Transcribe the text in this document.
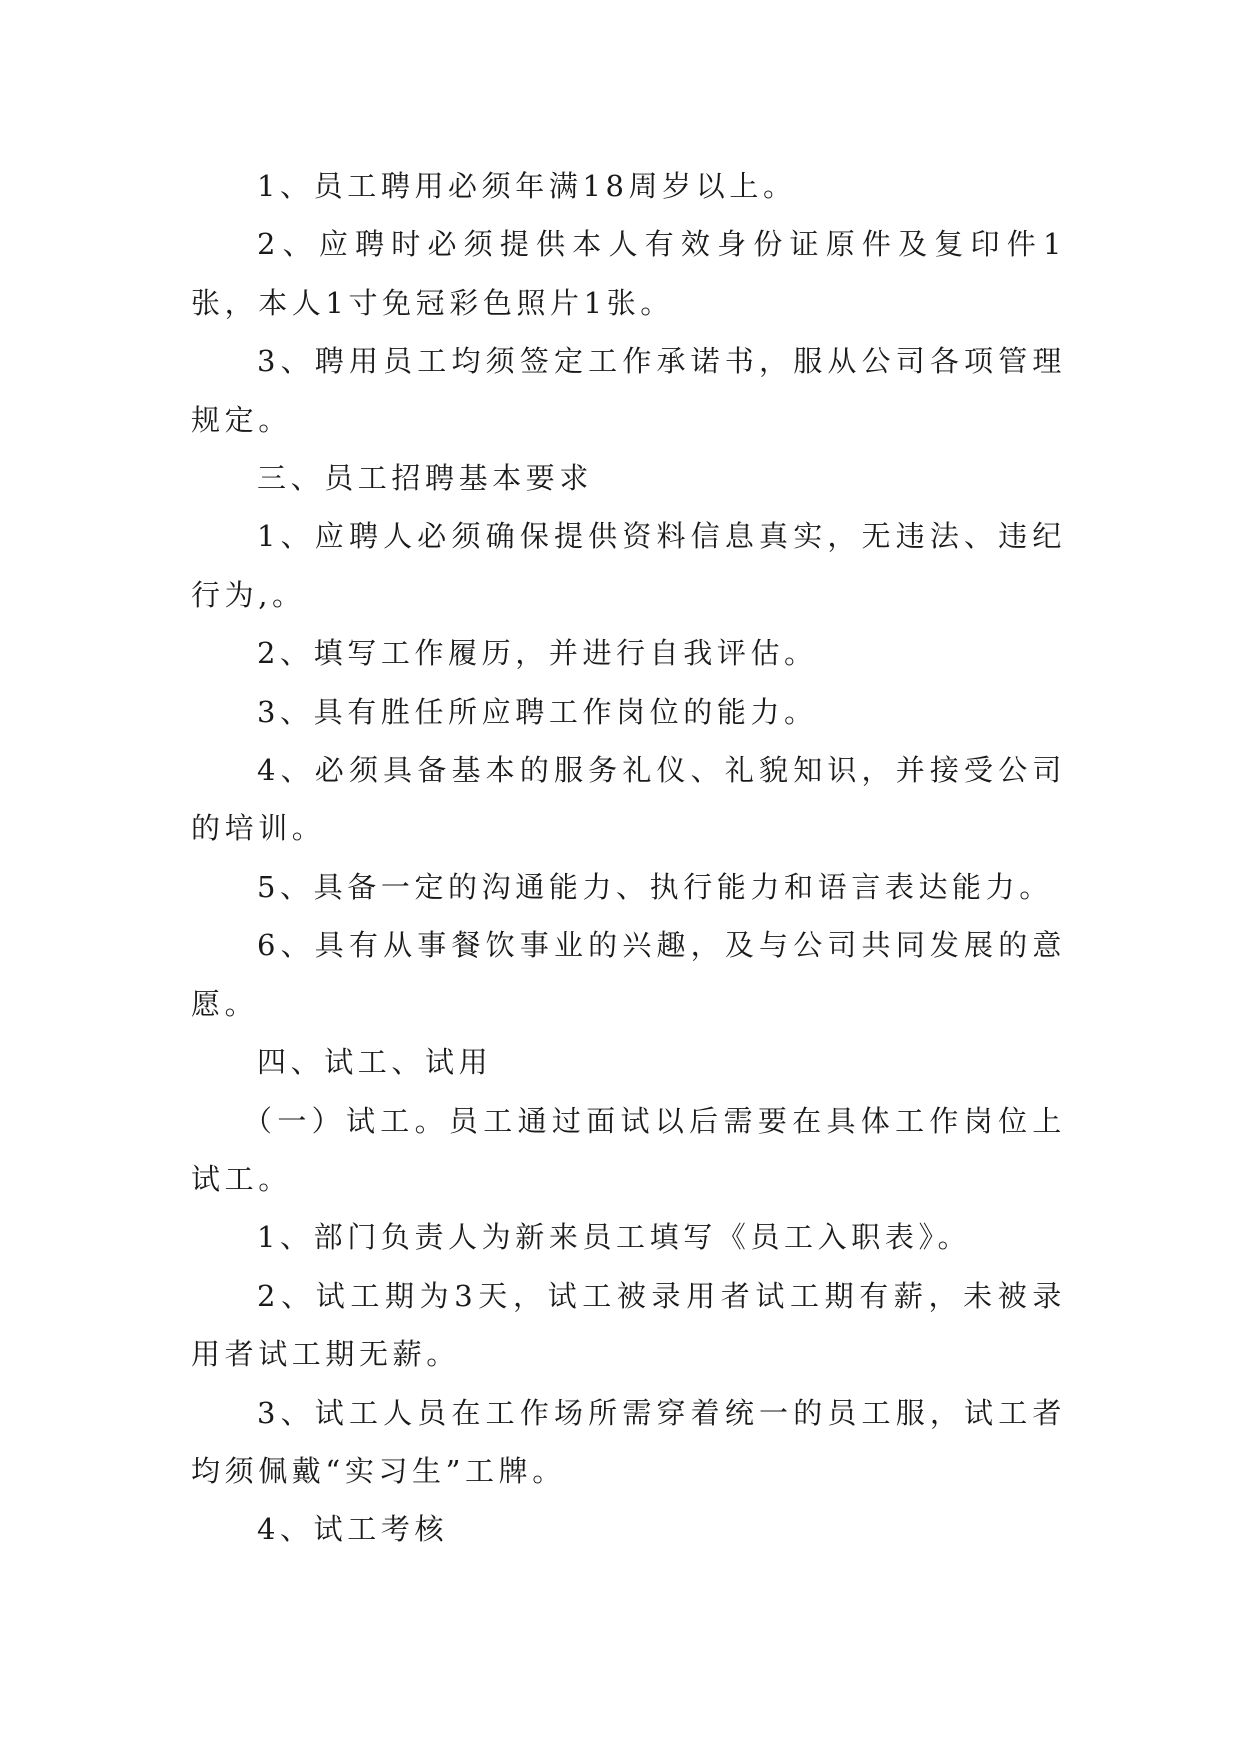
1、员工聘用必须年满18周岁以上。

2、应聘时必须提供本人有效身份证原件及复印件1张，本人1寸免冠彩色照片1张。

3、聘用员工均须签定工作承诺书，服从公司各项管理规定。

三、员工招聘基本要求

1、应聘人必须确保提供资料信息真实，无违法、违纪行为,。

2、填写工作履历，并进行自我评估。

3、具有胜任所应聘工作岗位的能力。

4、必须具备基本的服务礼仪、礼貌知识，并接受公司的培训。

5、具备一定的沟通能力、执行能力和语言表达能力。

6、具有从事餐饮事业的兴趣，及与公司共同发展的意愿。

四、试工、试用

（一）试工。员工通过面试以后需要在具体工作岗位上试工。

1、部门负责人为新来员工填写《员工入职表》。

2、试工期为3天，试工被录用者试工期有薪，未被录用者试工期无薪。

3、试工人员在工作场所需穿着统一的员工服，试工者均须佩戴“实习生”工牌。

4、试工考核
